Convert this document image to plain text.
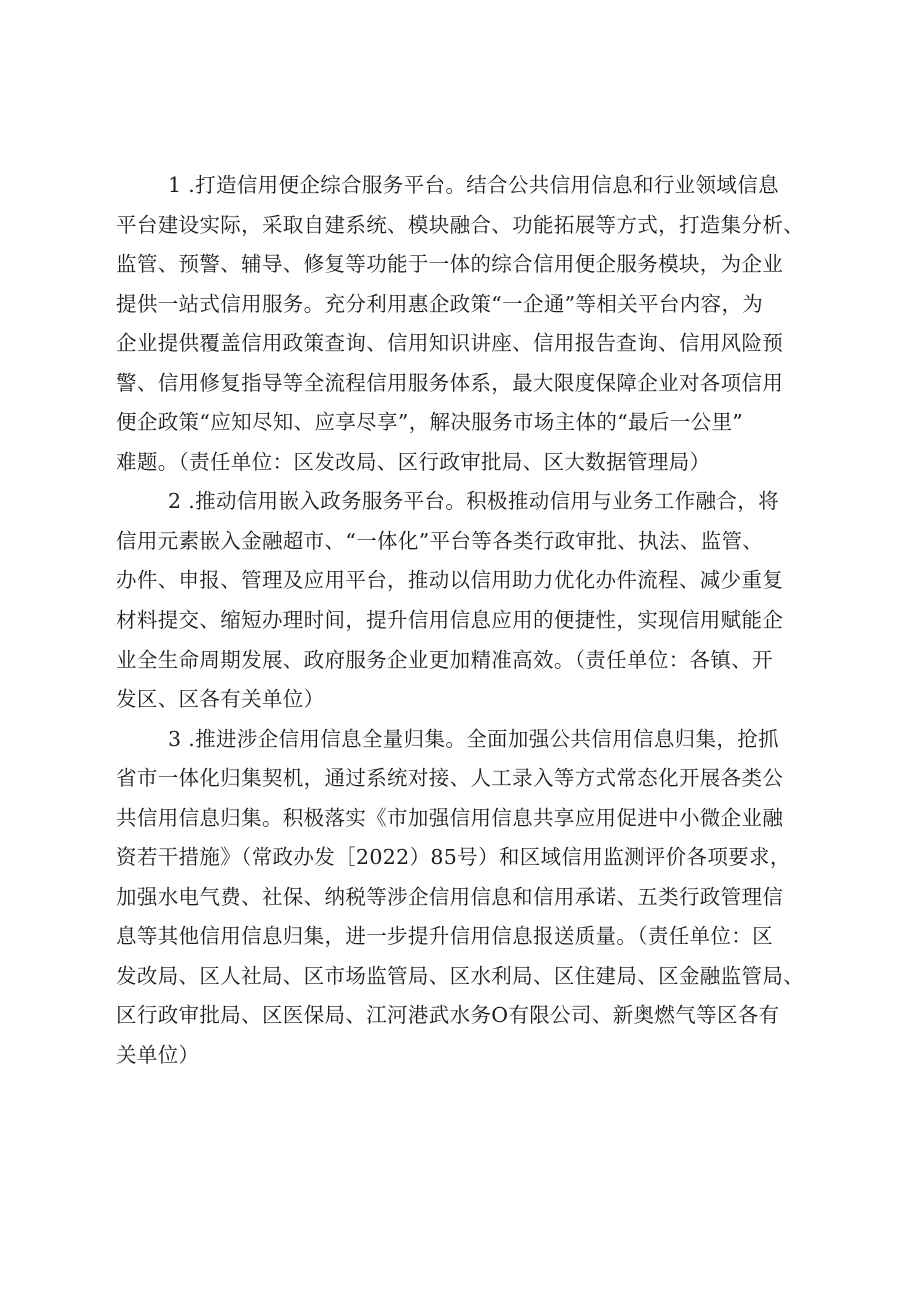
1 .打造信用便企综合服务平台。结合公共信用信息和行业领域信息
平台建设实际，采取自建系统、模块融合、功能拓展等方式，打造集分析、
监管、预警、辅导、修复等功能于一体的综合信用便企服务模块，为企业
提供一站式信用服务。充分利用惠企政策“一企通”等相关平台内容，为
企业提供覆盖信用政策查询、信用知识讲座、信用报告查询、信用风险预
警、信用修复指导等全流程信用服务体系，最大限度保障企业对各项信用
便企政策“应知尽知、应享尽享”，解决服务市场主体的“最后一公里”
难题。（责任单位：区发改局、区行政审批局、区大数据管理局）
2 .推动信用嵌入政务服务平台。积极推动信用与业务工作融合，将
信用元素嵌入金融超市、“一体化”平台等各类行政审批、执法、监管、
办件、申报、管理及应用平台，推动以信用助力优化办件流程、减少重复
材料提交、缩短办理时间，提升信用信息应用的便捷性，实现信用赋能企
业全生命周期发展、政府服务企业更加精准高效。（责任单位：各镇、开
发区、区各有关单位）
3 .推进涉企信用信息全量归集。全面加强公共信用信息归集，抢抓
省市一体化归集契机，通过系统对接、人工录入等方式常态化开展各类公
共信用信息归集。积极落实《市加强信用信息共享应用促进中小微企业融
资若干措施》（常政办发［2022）85号）和区域信用监测评价各项要求，
加强水电气费、社保、纳税等涉企信用信息和信用承诺、五类行政管理信
息等其他信用信息归集，进一步提升信用信息报送质量。（责任单位：区
发改局、区人社局、区市场监管局、区水利局、区住建局、区金融监管局、
区行政审批局、区医保局、江河港武水务O有限公司、新奥燃气等区各有
关单位）
